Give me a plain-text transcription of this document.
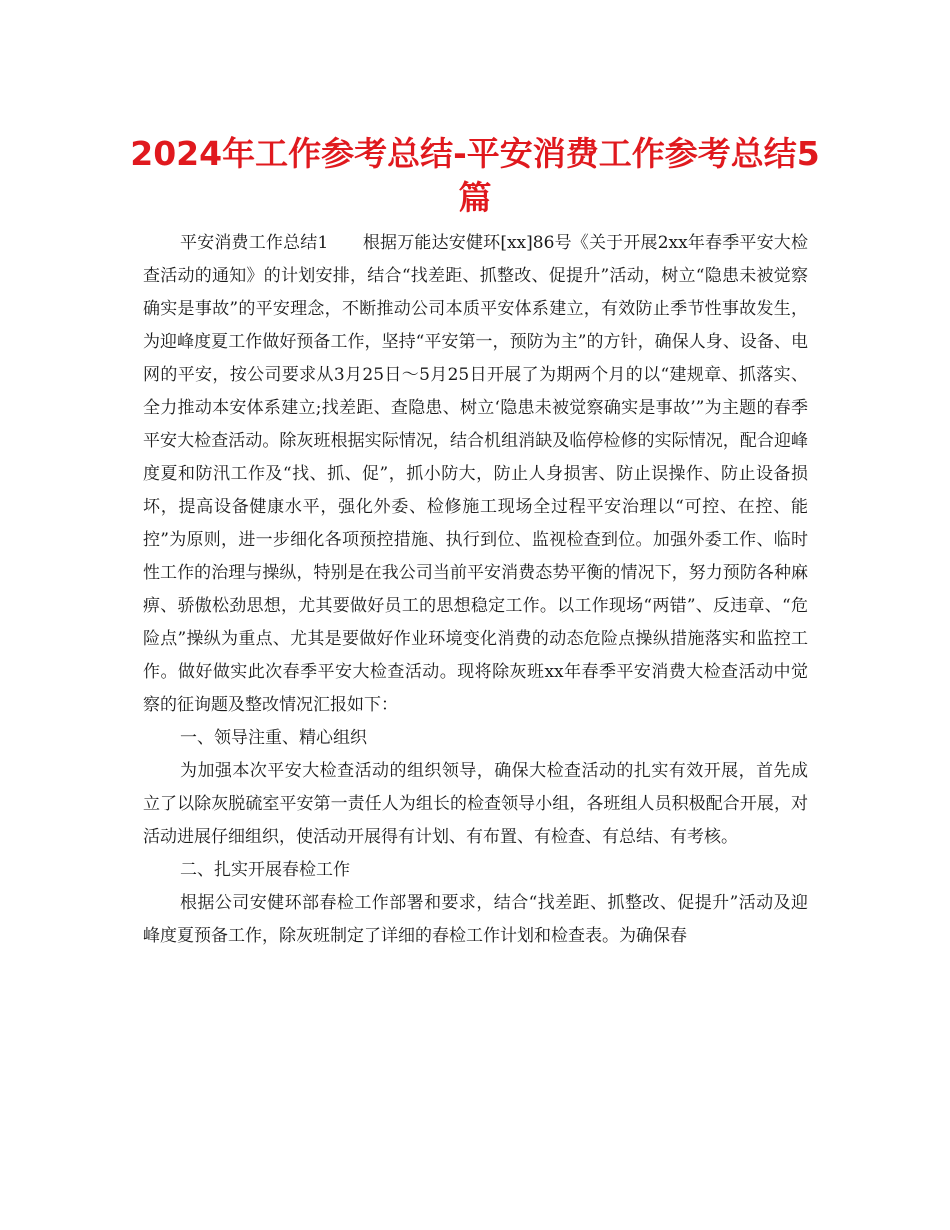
2024年工作参考总结-平安消费工作参考总结5篇

平安消费工作总结1　　根据万能达安健环[xx]86号《关于开展2xx年春季平安大检查活动的通知》的计划安排，结合“找差距、抓整改、促提升”活动，树立“隐患未被觉察确实是事故”的平安理念，不断推动公司本质平安体系建立，有效防止季节性事故发生，为迎峰度夏工作做好预备工作，坚持“平安第一，预防为主”的方针，确保人身、设备、电网的平安，按公司要求从3月25日～5月25日开展了为期两个月的以“建规章、抓落实、全力推动本安体系建立;找差距、查隐患、树立‘隐患未被觉察确实是事故’”为主题的春季平安大检查活动。除灰班根据实际情况，结合机组消缺及临停检修的实际情况，配合迎峰度夏和防汛工作及“找、抓、促”，抓小防大，防止人身损害、防止误操作、防止设备损坏，提高设备健康水平，强化外委、检修施工现场全过程平安治理以“可控、在控、能控”为原则，进一步细化各项预控措施、执行到位、监视检查到位。加强外委工作、临时性工作的治理与操纵，特别是在我公司当前平安消费态势平衡的情况下，努力预防各种麻痹、骄傲松劲思想，尤其要做好员工的思想稳定工作。以工作现场“两错”、反违章、“危险点”操纵为重点、尤其是要做好作业环境变化消费的动态危险点操纵措施落实和监控工作。做好做实此次春季平安大检查活动。现将除灰班xx年春季平安消费大检查活动中觉察的征询题及整改情况汇报如下：

一、领导注重、精心组织

为加强本次平安大检查活动的组织领导，确保大检查活动的扎实有效开展，首先成立了以除灰脱硫室平安第一责任人为组长的检查领导小组，各班组人员积极配合开展，对活动进展仔细组织，使活动开展得有计划、有布置、有检查、有总结、有考核。

二、扎实开展春检工作

根据公司安健环部春检工作部署和要求，结合“找差距、抓整改、促提升”活动及迎峰度夏预备工作，除灰班制定了详细的春检工作计划和检查表。为确保春
